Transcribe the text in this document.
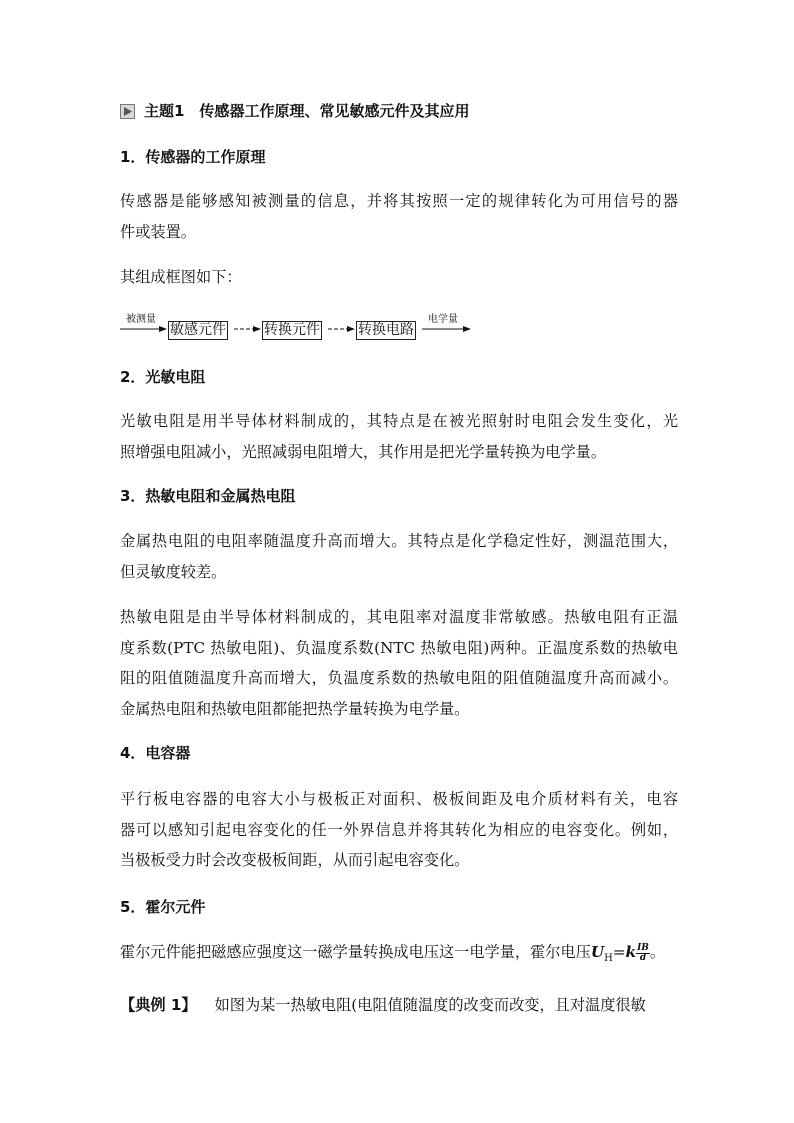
主题1　传感器工作原理、常见敏感元件及其应用
1．传感器的工作原理
传感器是能够感知被测量的信息，并将其按照一定的规律转化为可用信号的器
件或装置。
其组成框图如下：
被测量
敏感元件	转换元件	转换电路
电学量
2．光敏电阻
光敏电阻是用半导体材料制成的，其特点是在被光照射时电阻会发生变化，光
照增强电阻减小，光照减弱电阻增大，其作用是把光学量转换为电学量。
3．热敏电阻和金属热电阻
金属热电阻的电阻率随温度升高而增大。其特点是化学稳定性好，测温范围大，
但灵敏度较差。
热敏电阻是由半导体材料制成的，其电阻率对温度非常敏感。热敏电阻有正温
度系数(PTC 热敏电阻)、负温度系数(NTC 热敏电阻)两种。正温度系数的热敏电
阻的阻值随温度升高而增大，负温度系数的热敏电阻的阻值随温度升高而减小。
金属热电阻和热敏电阻都能把热学量转换为电学量。
4．电容器
平行板电容器的电容大小与极板正对面积、极板间距及电介质材料有关，电容
器可以感知引起电容变化的任一外界信息并将其转化为相应的电容变化。例如，
当极板受力时会改变极板间距，从而引起电容变化。
5．霍尔元件
霍尔元件能把磁感应强度这一磁学量转换成电压这一电学量，霍尔电压$U_H=k \frac{IB}{d}$ 。
【典例 1】 如图为某一热敏电阻(电阻值随温度的改变而改变，且对温度很敏
